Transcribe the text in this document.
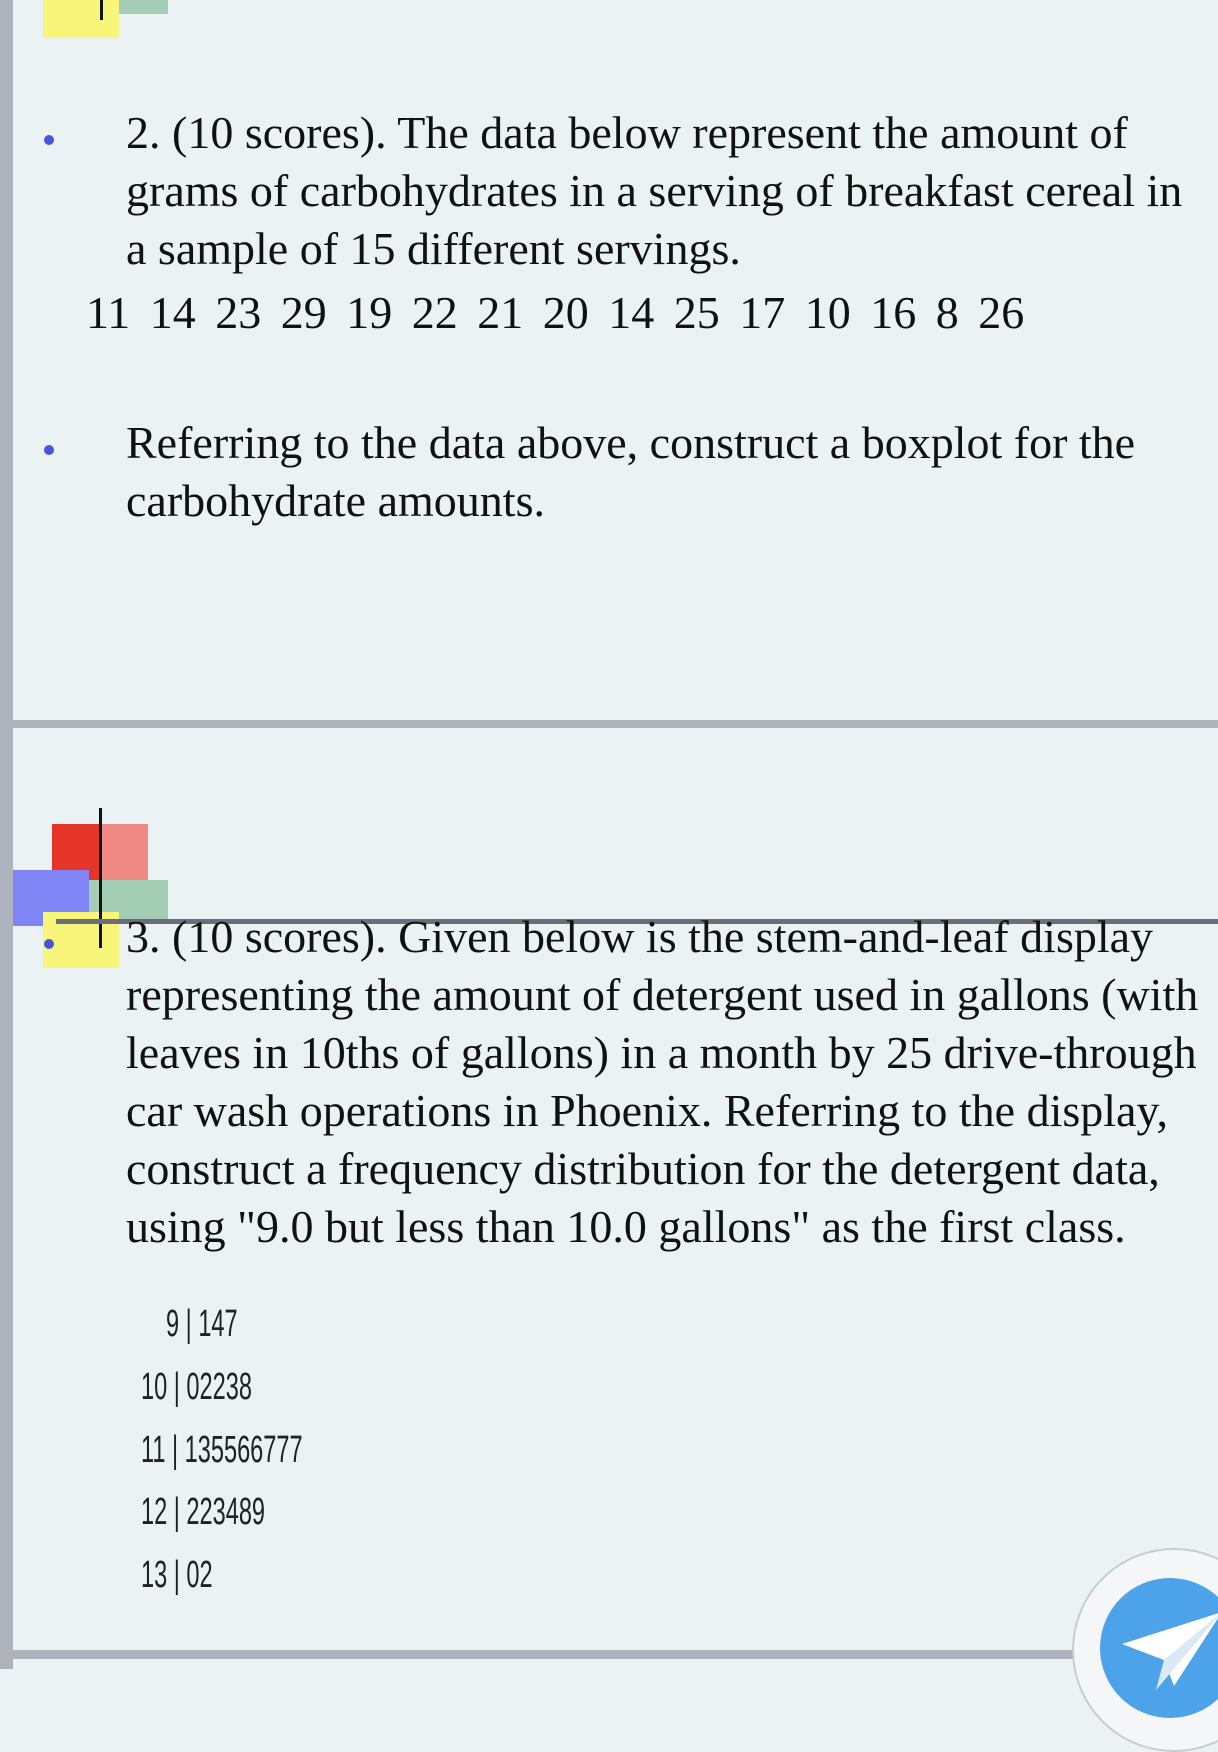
2. (10 scores). The data below represent the amount of grams of carbohydrates in a serving of breakfast cereal in a sample of 15 different servings.

11 14 23 29 19 22 21 20 14 25 17 10 16 8 26

Referring to the data above, construct a boxplot for the carbohydrate amounts.

3. (10 scores). Given below is the stem-and-leaf display representing the amount of detergent used in gallons (with leaves in 10ths of gallons) in a month by 25 drive-through car wash operations in Phoenix. Referring to the display, construct a frequency distribution for the detergent data, using "9.0 but less than 10.0 gallons" as the first class.

9 | 147
10 | 02238
11 | 135566777
12 | 223489
13 | 02
